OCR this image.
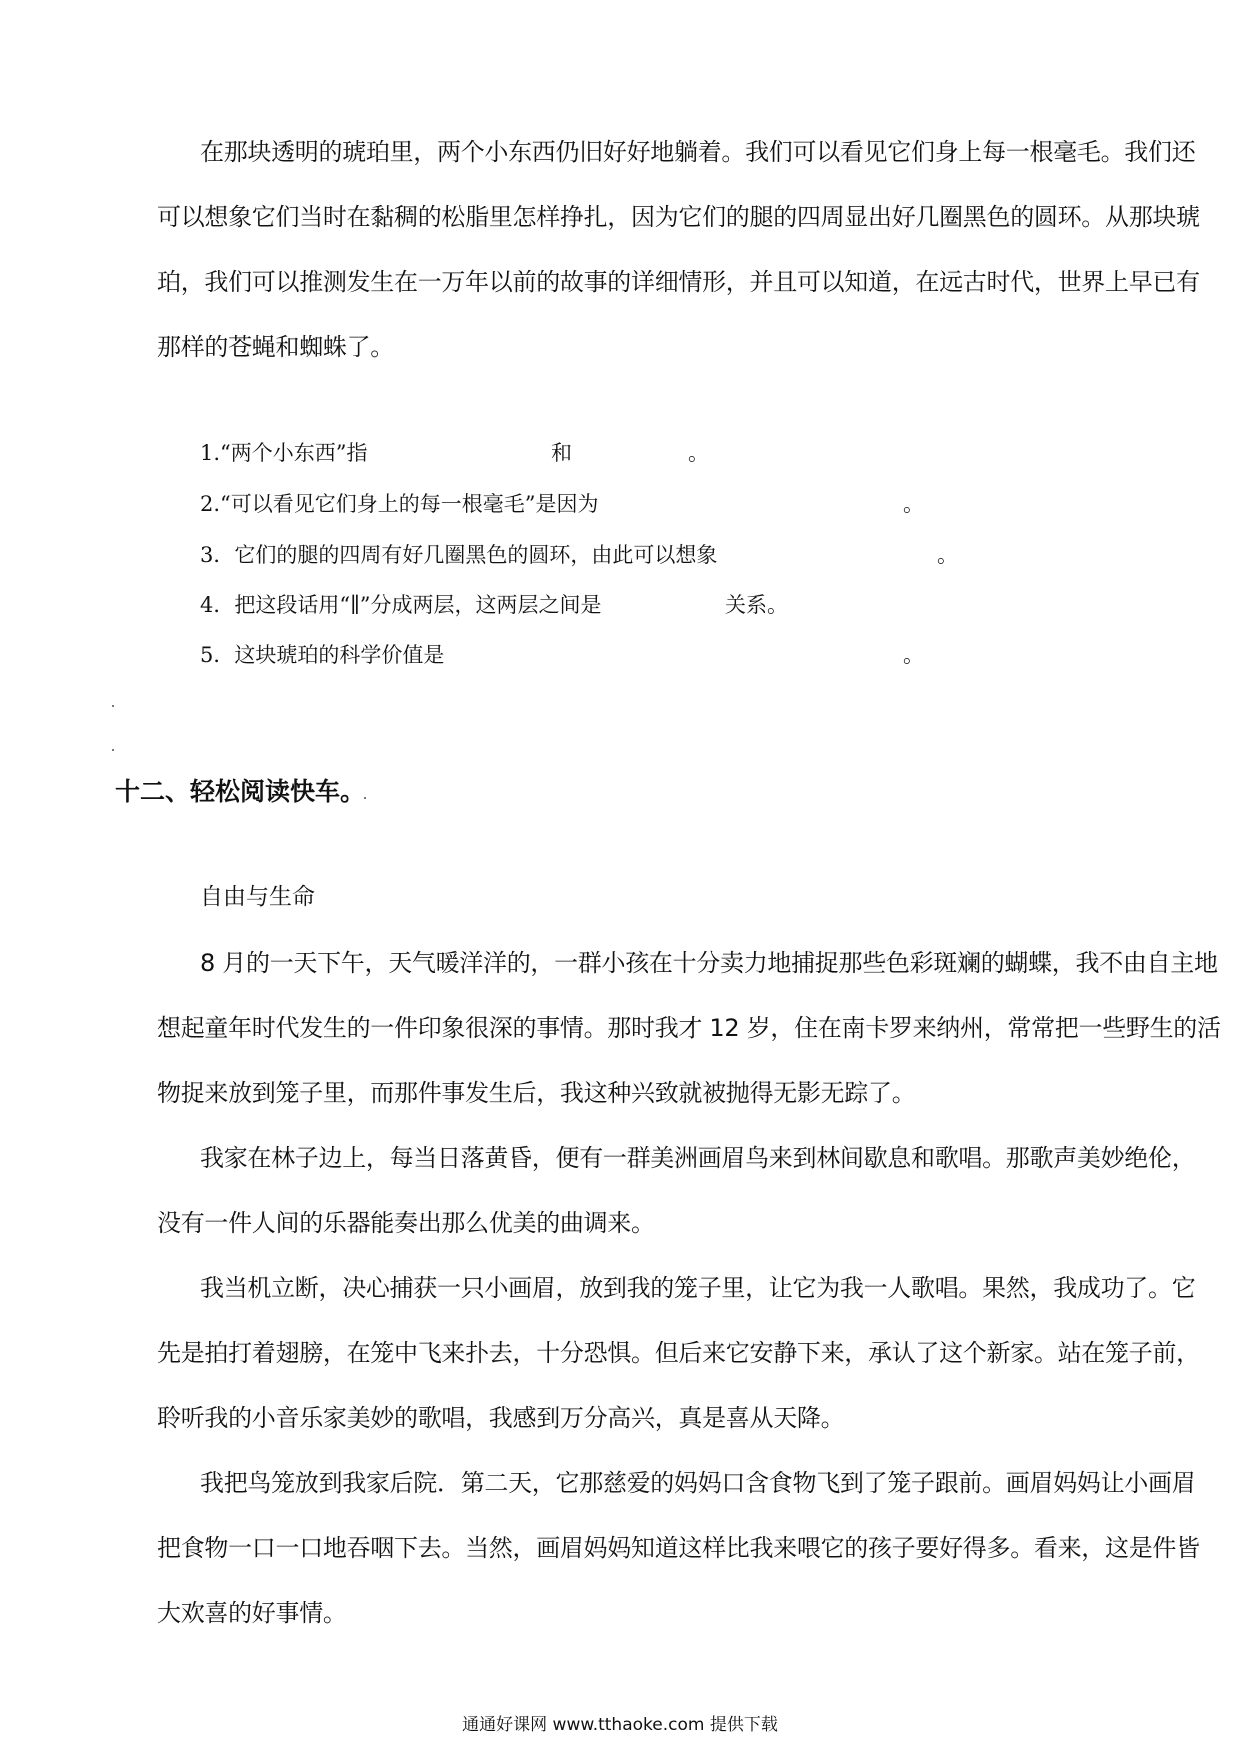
在那块透明的琥珀里，两个小东西仍旧好好地躺着。我们可以看见它们身上每一根毫毛。我们还
可以想象它们当时在黏稠的松脂里怎样挣扎，因为它们的腿的四周显出好几圈黑色的圆环。从那块琥
珀，我们可以推测发生在一万年以前的故事的详细情形，并且可以知道，在远古时代，世界上早已有
那样的苍蝇和蜘蛛了。
1.“两个小东西”指	和	。
2.“可以看见它们身上的每一根毫毛”是因为	。
3．它们的腿的四周有好几圈黑色的圆环，由此可以想象	。
4．把这段话用“∥”分成两层，这两层之间是	关系。
5．这块琥珀的科学价值是	。
十二、轻松阅读快车。
自由与生命
8 月的一天下午，天气暖洋洋的，一群小孩在十分卖力地捕捉那些色彩斑斓的蝴蝶，我不由自主地
想起童年时代发生的一件印象很深的事情。那时我才 12 岁，住在南卡罗来纳州，常常把一些野生的活
物捉来放到笼子里，而那件事发生后，我这种兴致就被抛得无影无踪了。
我家在林子边上，每当日落黄昏，便有一群美洲画眉鸟来到林间歇息和歌唱。那歌声美妙绝伦，
没有一件人间的乐器能奏出那么优美的曲调来。
我当机立断，决心捕获一只小画眉，放到我的笼子里，让它为我一人歌唱。果然，我成功了。它
先是拍打着翅膀，在笼中飞来扑去，十分恐惧。但后来它安静下来，承认了这个新家。站在笼子前，
聆听我的小音乐家美妙的歌唱，我感到万分高兴，真是喜从天降。
我把鸟笼放到我家后院．第二天，它那慈爱的妈妈口含食物飞到了笼子跟前。画眉妈妈让小画眉
把食物一口一口地吞咽下去。当然，画眉妈妈知道这样比我来喂它的孩子要好得多。看来，这是件皆
大欢喜的好事情。
通通好课网 www.tthaoke.com 提供下载
